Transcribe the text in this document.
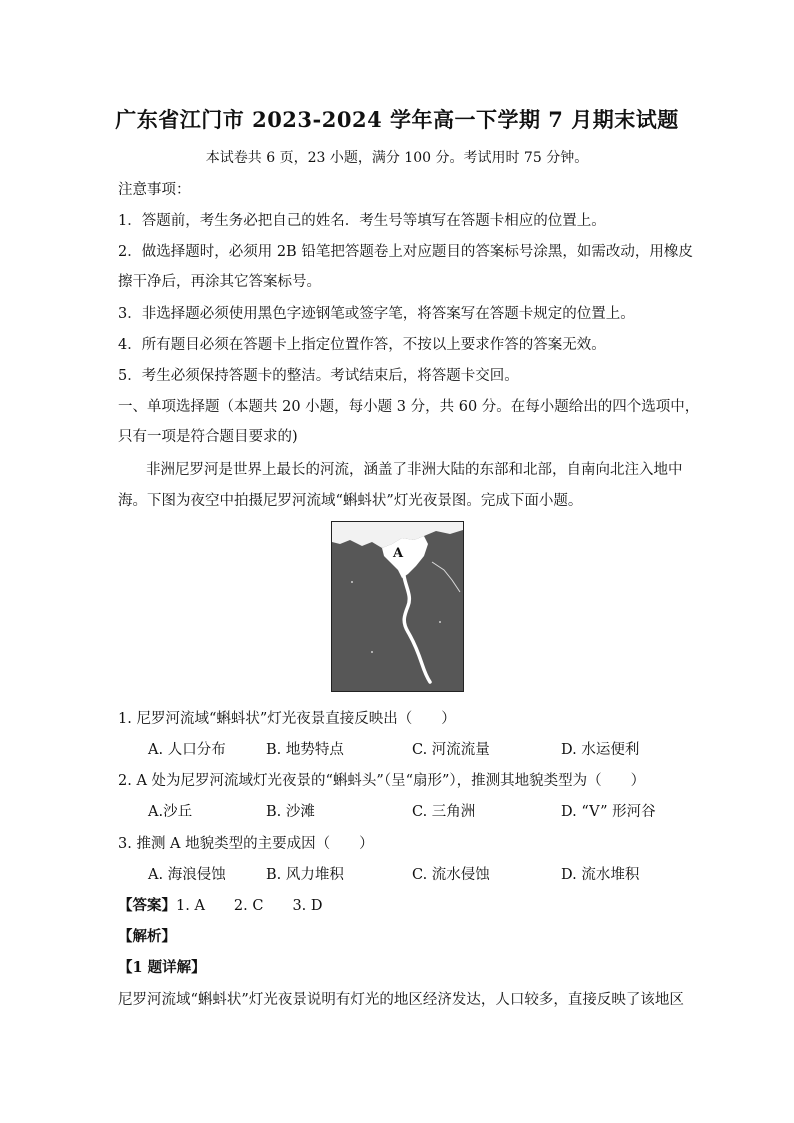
广东省江门市 2023-2024 学年高一下学期 7 月期末试题
本试卷共 6 页，23 小题，满分 100 分。考试用时 75 分钟。
注意事项：
1．答题前，考生务必把自己的姓名．考生号等填写在答题卡相应的位置上。
2．做选择题时，必须用 2B 铅笔把答题卷上对应题目的答案标号涂黑，如需改动，用橡皮
擦干净后，再涂其它答案标号。
3．非选择题必须使用黑色字迹钢笔或签字笔，将答案写在答题卡规定的位置上。
4．所有题目必须在答题卡上指定位置作答，不按以上要求作答的答案无效。
5．考生必须保持答题卡的整洁。考试结束后，将答题卡交回。
一、单项选择题（本题共 20 小题，每小题 3 分，共 60 分。在每小题给出的四个选项中，
只有一项是符合题目要求的)
非洲尼罗河是世界上最长的河流，涵盖了非洲大陆的东部和北部，自南向北注入地中
海。下图为夜空中拍摄尼罗河流域“蝌蚪状”灯光夜景图。完成下面小题。
A
1. 尼罗河流域“蝌蚪状”灯光夜景直接反映出（　　）
A. 人口分布	B. 地势特点	C. 河流流量	D. 水运便利
2. A 处为尼罗河流域灯光夜景的“蝌蚪头”（呈“扇形”），推测其地貌类型为（　　）
A.沙丘	B. 沙滩	C. 三角洲	D. “V” 形河谷
3. 推测 A 地貌类型的主要成因（　　）
A. 海浪侵蚀	B. 风力堆积	C. 流水侵蚀	D. 流水堆积
【答案】1. A　　2. C　　3. D
【解析】
【1 题详解】
尼罗河流域“蝌蚪状”灯光夜景说明有灯光的地区经济发达，人口较多，直接反映了该地区
